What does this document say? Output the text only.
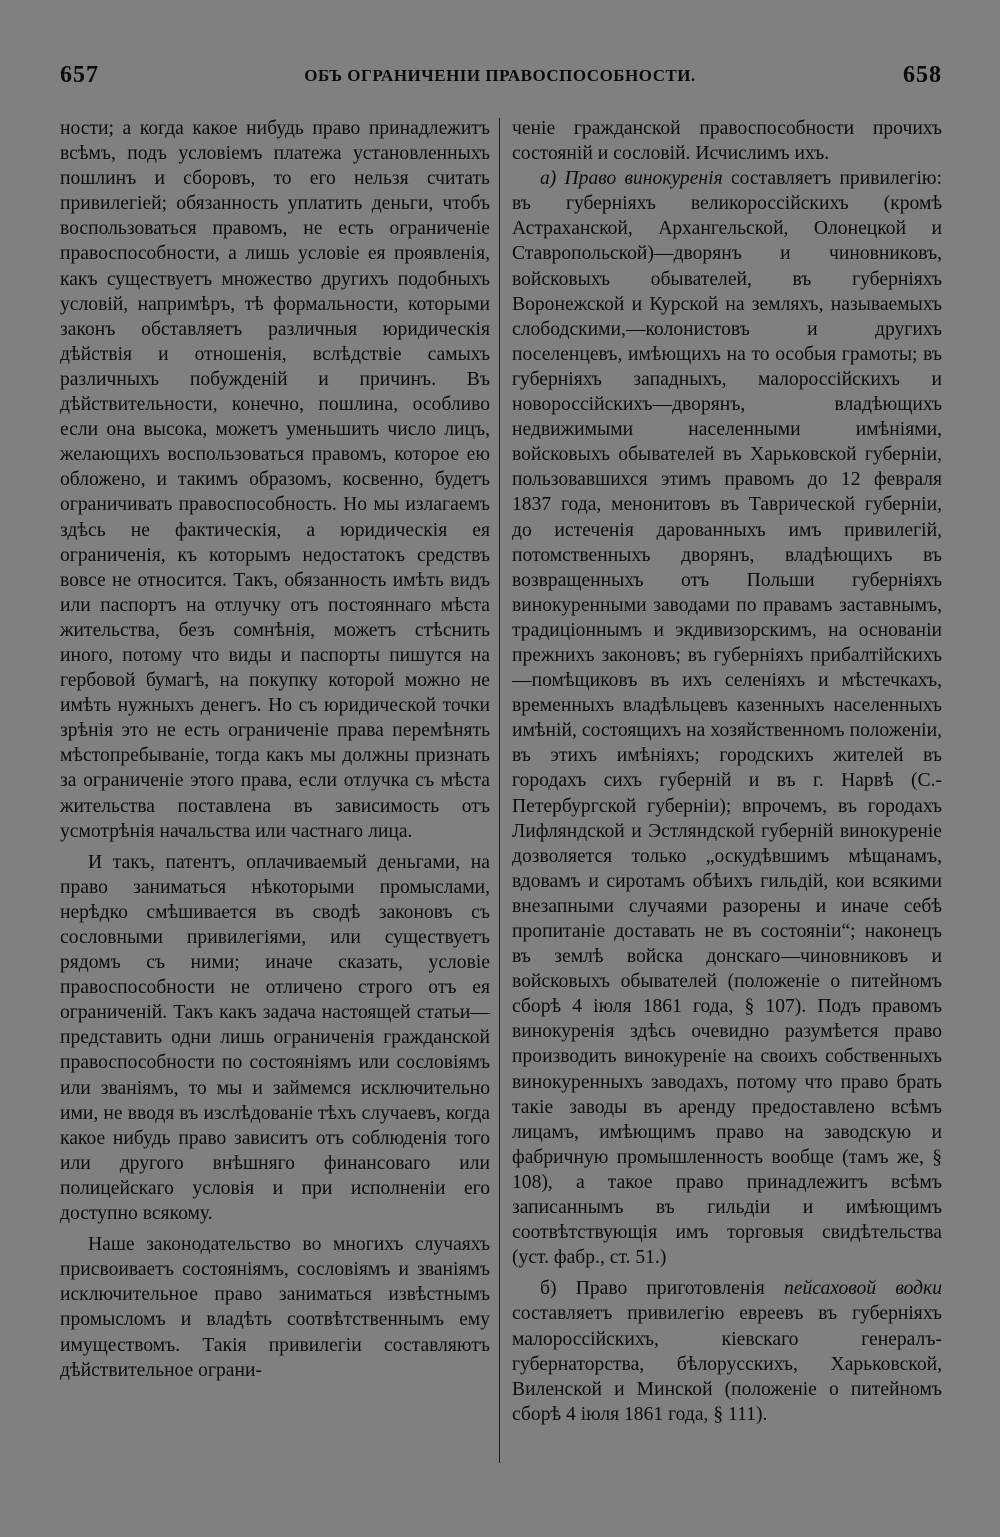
657	ОБЪ ОГРАНИЧЕНІИ ПРАВОСПОСОБНОСТИ.	658

ности; а когда какое нибудь право принадлежитъ всѣмъ, подъ условіемъ платежа установленныхъ пошлинъ и сборовъ, то его нельзя считать привилегіей; обязанность уплатить деньги, чтобъ воспользоваться правомъ, не есть ограниченіе правоспособности, а лишь условіе ея проявленія, какъ существуетъ множество другихъ подобныхъ условій, напримѣръ, тѣ формальности, которыми законъ обставляетъ различныя юридическія дѣйствія и отношенія, вслѣдствіе самыхъ различныхъ побужденій и причинъ. Въ дѣйствительности, конечно, пошлина, особливо если она высока, можетъ уменьшить число лицъ, желающихъ воспользоваться правомъ, которое ею обложено, и такимъ образомъ, косвенно, будетъ ограничивать правоспособность. Но мы излагаемъ здѣсь не фактическія, а юридическія ея ограниченія, къ которымъ недостатокъ средствъ вовсе не относится. Такъ, обязанность имѣть видъ или паспортъ на отлучку отъ постояннаго мѣста жительства, безъ сомнѣнія, можетъ стѣснить иного, потому что виды и паспорты пишутся на гербовой бумагѣ, на покупку которой можно не имѣть нужныхъ денегъ. Но съ юридической точки зрѣнія это не есть ограниченіе права перемѣнять мѣстопребываніе, тогда какъ мы должны признать за ограниченіе этого права, если отлучка съ мѣста жительства поставлена въ зависимость отъ усмотрѣнія начальства или частнаго лица.

И такъ, патентъ, оплачиваемый деньгами, на право заниматься нѣкоторыми промыслами, нерѣдко смѣшивается въ сводѣ законовъ съ сословными привилегіями, или существуетъ рядомъ съ ними; иначе сказать, условіе правоспособности не отличено строго отъ ея ограниченій. Такъ какъ задача настоящей статьи—представить одни лишь ограниченія гражданской правоспособности по состояніямъ или сословіямъ или званіямъ, то мы и займемся исключительно ими, не вводя въ изслѣдованіе тѣхъ случаевъ, когда какое нибудь право зависитъ отъ соблюденія того или другого внѣшняго финансоваго или полицейскаго условія и при исполненіи его доступно всякому.

Наше законодательство во многихъ случаяхъ присвоиваетъ состояніямъ, сословіямъ и званіямъ исключительное право заниматься извѣстнымъ промысломъ и владѣть соотвѣтственнымъ ему имуществомъ. Такія привилегіи составляютъ дѣйствительное ограни-

ченіе гражданской правоспособности прочихъ состояній и сословій. Исчислимъ ихъ.

а) Право винокуренія составляетъ привилегію: въ губерніяхъ великороссійскихъ (кромѣ Астраханской, Архангельской, Олонецкой и Ставропольской)—дворянъ и чиновниковъ, войсковыхъ обывателей, въ губерніяхъ Воронежской и Курской на земляхъ, называемыхъ слободскими,—колонистовъ и другихъ поселенцевъ, имѣющихъ на то особыя грамоты; въ губерніяхъ западныхъ, малороссійскихъ и новороссійскихъ—дворянъ, владѣющихъ недвижимыми населенными имѣніями, войсковыхъ обывателей въ Харьковской губерніи, пользовавшихся этимъ правомъ до 12 февраля 1837 года, менонитовъ въ Таврической губерніи, до истеченія дарованныхъ имъ привилегій, потомственныхъ дворянъ, владѣющихъ въ возвращенныхъ отъ Польши губерніяхъ винокуренными заводами по правамъ заставнымъ, традиціоннымъ и экдивизорскимъ, на основаніи прежнихъ законовъ; въ губерніяхъ прибалтійскихъ—помѣщиковъ въ ихъ селеніяхъ и мѣстечкахъ, временныхъ владѣльцевъ казенныхъ населенныхъ имѣній, состоящихъ на хозяйственномъ положеніи, въ этихъ имѣніяхъ; городскихъ жителей въ городахъ сихъ губерній и въ г. Нарвѣ (С.-Петербургской губерніи); впрочемъ, въ городахъ Лифляндской и Эстляндской губерній винокуреніе дозволяется только „оскудѣвшимъ мѣщанамъ, вдовамъ и сиротамъ обѣихъ гильдій, кои всякими внезапными случаями разорены и иначе себѣ пропитаніе доставать не въ состояніи“; наконецъ въ землѣ войска донскаго—чиновниковъ и войсковыхъ обывателей (положеніе о питейномъ сборѣ 4 іюля 1861 года, § 107). Подъ правомъ винокуренія здѣсь очевидно разумѣется право производить винокуреніе на своихъ собственныхъ винокуренныхъ заводахъ, потому что право брать такіе заводы въ аренду предоставлено всѣмъ лицамъ, имѣющимъ право на заводскую и фабричную промышленность вообще (тамъ же, § 108), а такое право принадлежитъ всѣмъ записаннымъ въ гильдіи и имѣющимъ соотвѣтствующія имъ торговыя свидѣтельства (уст. фабр., ст. 51.)

б) Право приготовленія пейсаховой водки составляетъ привилегію евреевъ въ губерніяхъ малороссійскихъ, кіевскаго генералъ-губернаторства, бѣлорусскихъ, Харьковской, Виленской и Минской (положеніе о питейномъ сборѣ 4 іюля 1861 года, § 111).
